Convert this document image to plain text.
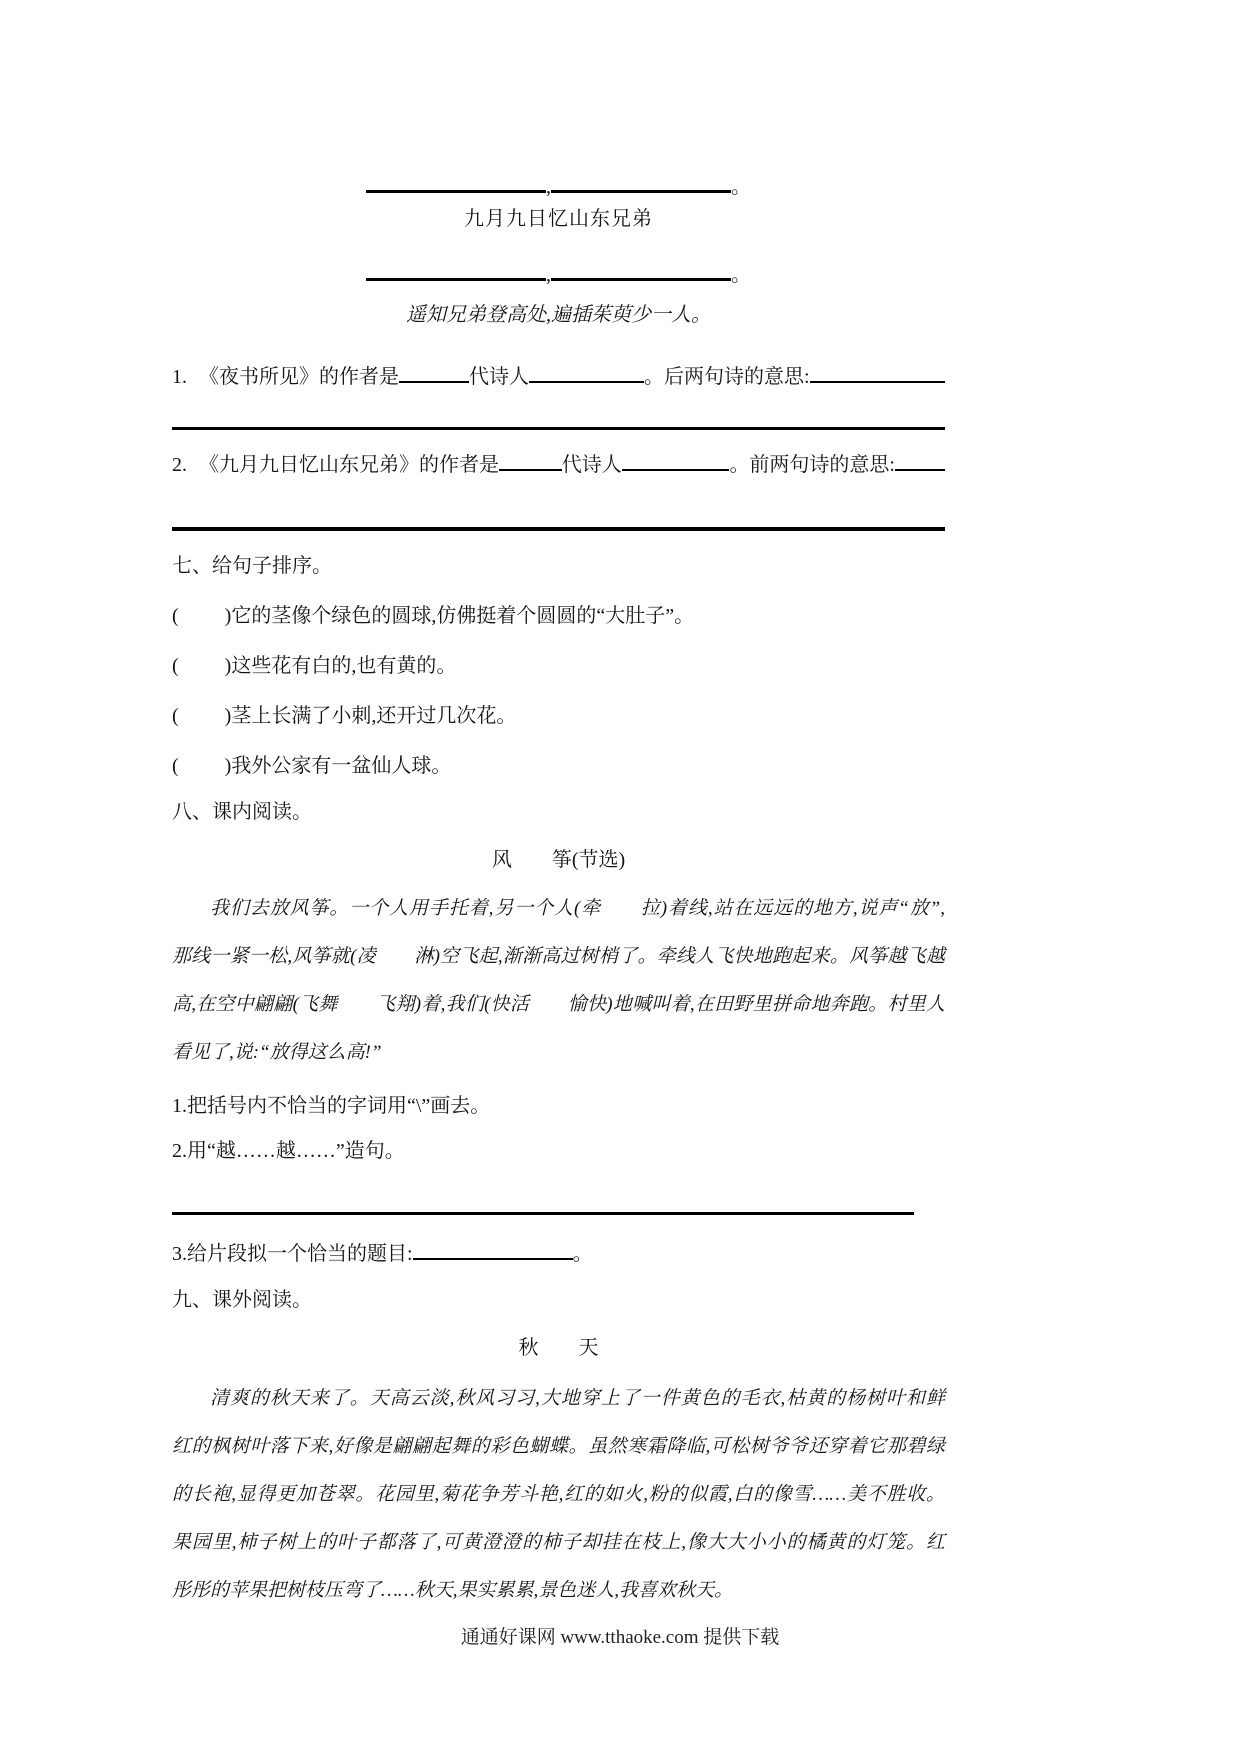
,	。
九月九日忆山东兄弟
,	。
遥知兄弟登高处,遍插茱萸少一人。
1. 《夜书所见》的作者是	代诗人	。后两句诗的意思:
2. 《九月九日忆山东兄弟》的作者是	代诗人	。前两句诗的意思:
七、给句子排序。
( )它的茎像个绿色的圆球,仿佛挺着个圆圆的“大肚子”。
( )这些花有白的,也有黄的。
( )茎上长满了小刺,还开过几次花。
( )我外公家有一盆仙人球。
八、课内阅读。
风　　筝(节选)
我们去放风筝。一个人用手托着,另一个人(牵　　拉)着线,站在远远的地方,说声“放”,
那线一紧一松,风筝就(凌　　淋)空飞起,渐渐高过树梢了。牵线人飞快地跑起来。风筝越飞越
高,在空中翩翩(飞舞　　飞翔)着,我们(快活　　愉快)地喊叫着,在田野里拼命地奔跑。村里人
看见了,说:“放得这么高!”
1.把括号内不恰当的字词用“\”画去。
2.用“越……越……”造句。
3.给片段拟一个恰当的题目:	。
九、课外阅读。
秋　　天
清爽的秋天来了。天高云淡,秋风习习,大地穿上了一件黄色的毛衣,枯黄的杨树叶和鲜
红的枫树叶落下来,好像是翩翩起舞的彩色蝴蝶。虽然寒霜降临,可松树爷爷还穿着它那碧绿
的长袍,显得更加苍翠。花园里,菊花争芳斗艳,红的如火,粉的似霞,白的像雪……美不胜收。
果园里,柿子树上的叶子都落了,可黄澄澄的柿子却挂在枝上,像大大小小的橘黄的灯笼。红
彤彤的苹果把树枝压弯了……秋天,果实累累,景色迷人,我喜欢秋天。
通通好课网 www.tthaoke.com 提供下载
